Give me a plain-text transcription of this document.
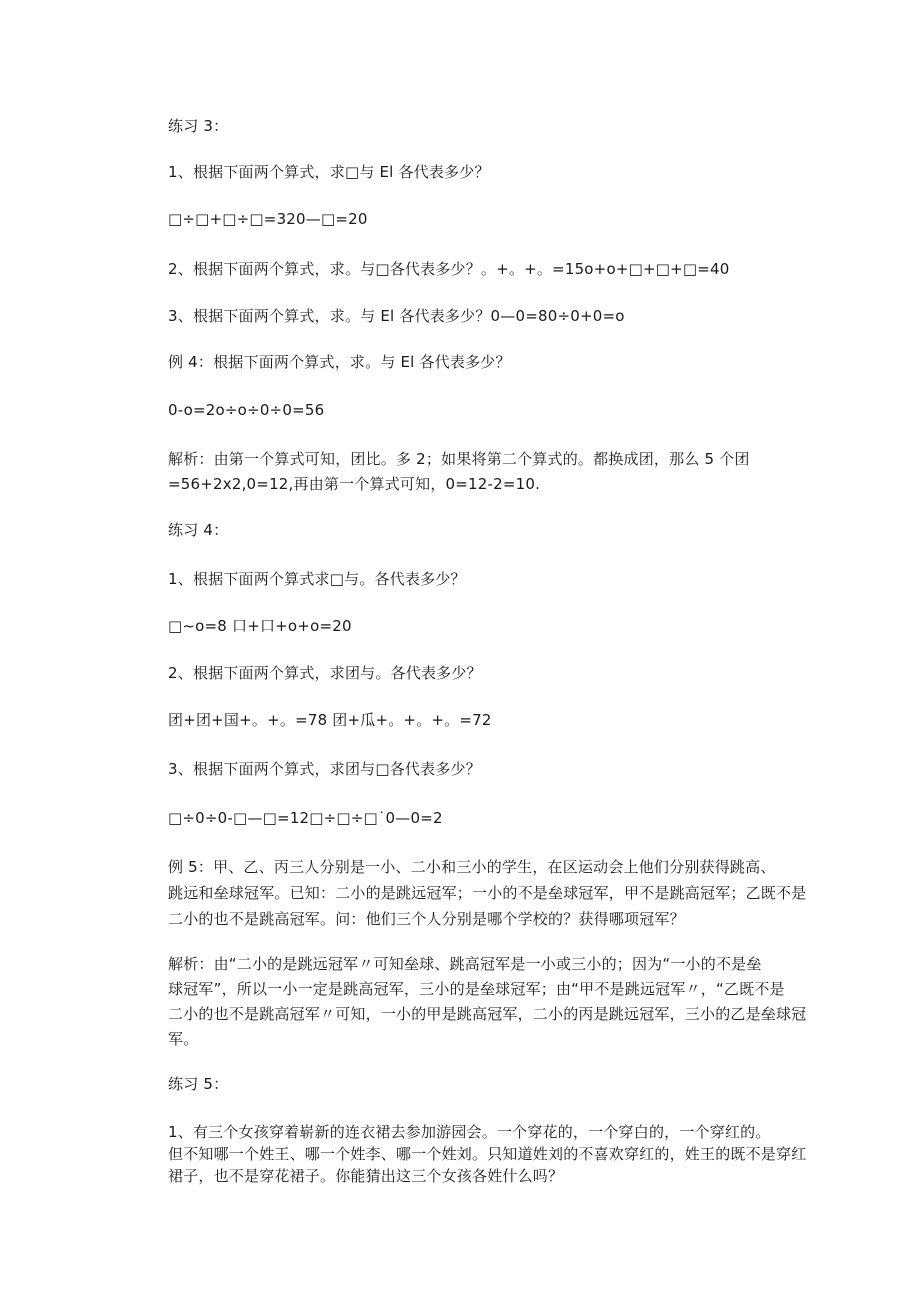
练习 3：
1、根据下面两个算式，求□与 El 各代表多少？
□÷□+□÷□=320—□=20
2、根据下面两个算式，求。与□各代表多少？。+。+。=15o+o+□+□+□=40
3、根据下面两个算式，求。与 El 各代表多少？0—0=80÷0+0=o
例 4：根据下面两个算式，求。与 El 各代表多少？
0-o=2o÷o÷0÷0=56
解析：由第一个算式可知，团比。多 2；如果将第二个算式的。都换成团，那么 5 个团
=56+2x2,0=12,再由第一个算式可知，0=12-2=10.
练习 4：
1、根据下面两个算式求□与。各代表多少？
□~o=8 口+口+o+o=20
2、根据下面两个算式，求团与。各代表多少？
团+团+国+。+。=78 团+瓜+。+。+。=72
3、根据下面两个算式，求团与□各代表多少？
□÷0÷0-□—□=12□÷□÷□˙0—0=2
例 5：甲、乙、丙三人分别是一小、二小和三小的学生，在区运动会上他们分别获得跳高、
跳远和垒球冠军。已知：二小的是跳远冠军；一小的不是垒球冠军，甲不是跳高冠军；乙既不是
二小的也不是跳高冠军。问：他们三个人分别是哪个学校的？获得哪项冠军？
解析：由“二小的是跳远冠军〃可知垒球、跳高冠军是一小或三小的；因为“一小的不是垒
球冠军”，所以一小一定是跳高冠军，三小的是垒球冠军；由“甲不是跳远冠军〃，“乙既不是
二小的也不是跳高冠军〃可知，一小的甲是跳高冠军，二小的丙是跳远冠军，三小的乙是垒球冠
军。
练习 5：
1、有三个女孩穿着崭新的连衣裙去参加游园会。一个穿花的，一个穿白的，一个穿红的。
但不知哪一个姓王、哪一个姓李、哪一个姓刘。只知道姓刘的不喜欢穿红的，姓王的既不是穿红
裙子，也不是穿花裙子。你能猜出这三个女孩各姓什么吗？
